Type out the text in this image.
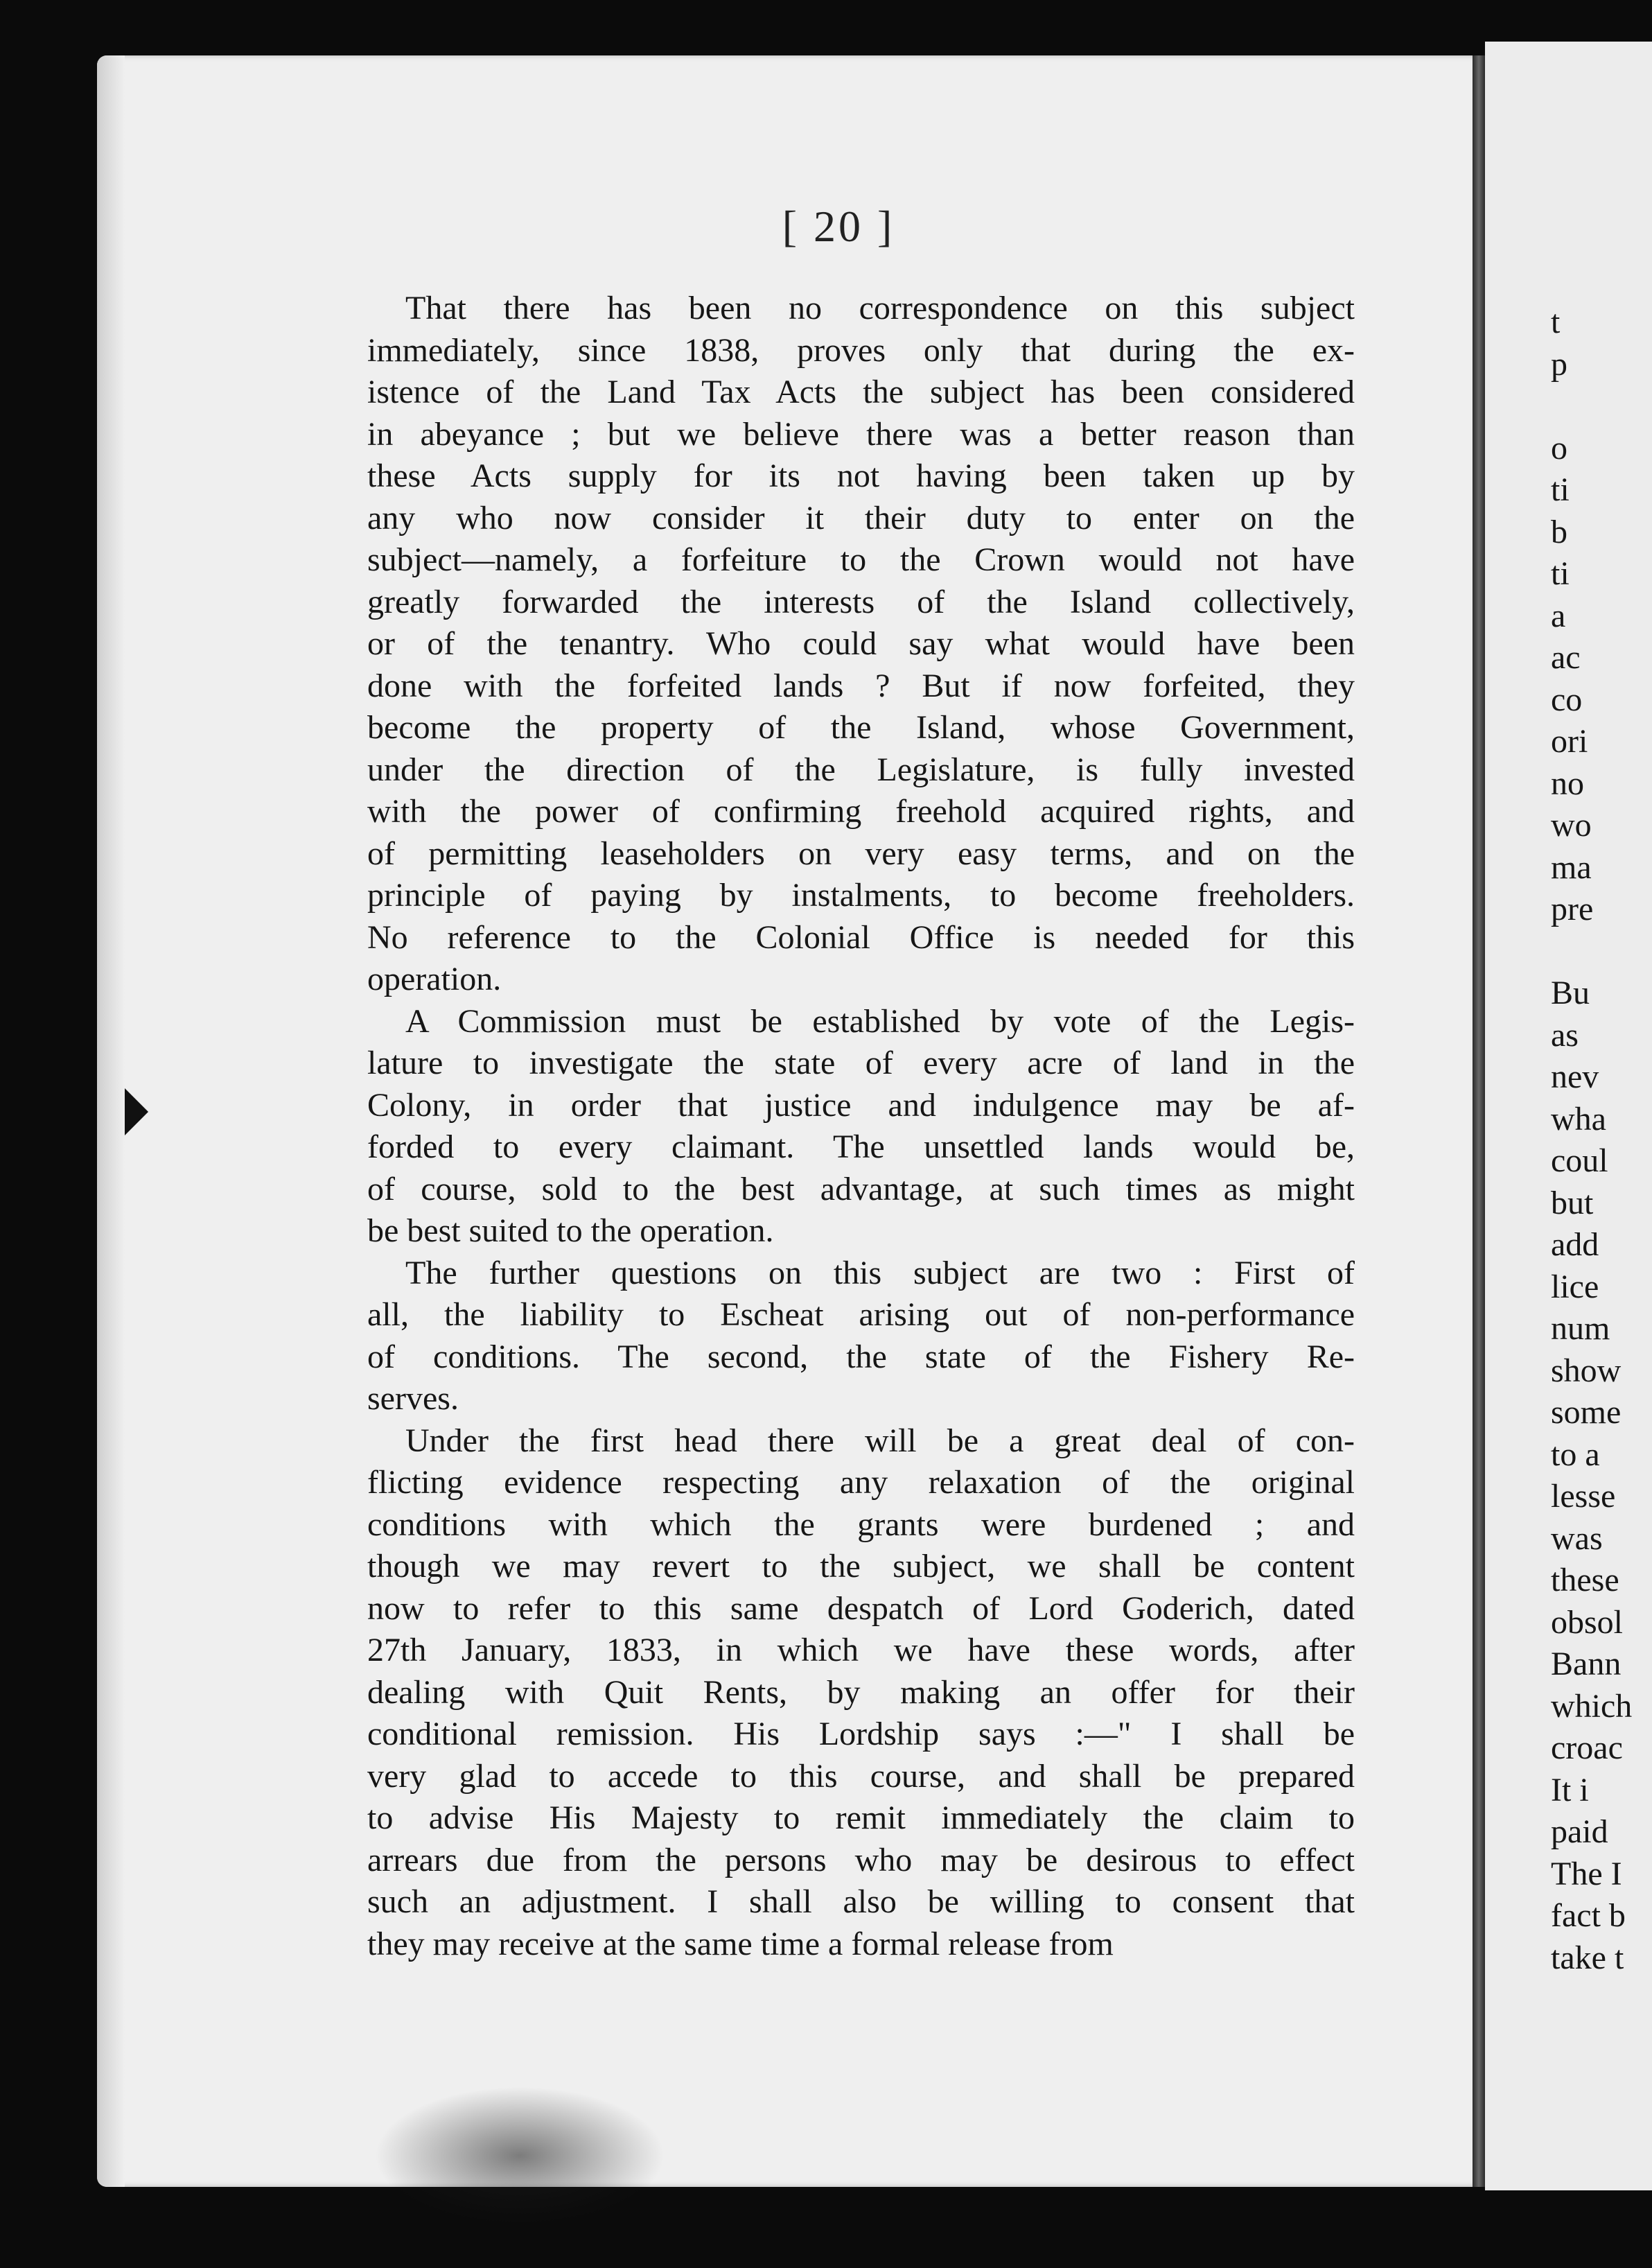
[ 20 ]

That there has been no correspondence on this subject
immediately, since 1838, proves only that during the ex-
istence of the Land Tax Acts the subject has been considered
in abeyance ; but we believe there was a better reason than
these Acts supply for its not having been taken up by
any who now consider it their duty to enter on the
subject—namely, a forfeiture to the Crown would not have
greatly forwarded the interests of the Island collectively,
or of the tenantry. Who could say what would have been
done with the forfeited lands ? But if now forfeited, they
become the property of the Island, whose Government,
under the direction of the Legislature, is fully invested
with the power of confirming freehold acquired rights, and
of permitting leaseholders on very easy terms, and on the
principle of paying by instalments, to become freeholders.
No reference to the Colonial Office is needed for this
operation.

A Commission must be established by vote of the Legis-
lature to investigate the state of every acre of land in the
Colony, in order that justice and indulgence may be af-
forded to every claimant. The unsettled lands would be,
of course, sold to the best advantage, at such times as might
be best suited to the operation.

The further questions on this subject are two : First of
all, the liability to Escheat arising out of non-performance
of conditions. The second, the state of the Fishery Re-
serves.

Under the first head there will be a great deal of con-
flicting evidence respecting any relaxation of the original
conditions with which the grants were burdened ; and
though we may revert to the subject, we shall be content
now to refer to this same despatch of Lord Goderich, dated
27th January, 1833, in which we have these words, after
dealing with Quit Rents, by making an offer for their
conditional remission. His Lordship says :—" I shall be
very glad to accede to this course, and shall be prepared
to advise His Majesty to remit immediately the claim to
arrears due from the persons who may be desirous to effect
such an adjustment. I shall also be willing to consent that
they may receive at the same time a formal release from

t
p

o
ti
b
ti
a
ac
co
ori
no
wo
ma
pre

Bu
as
nev
wha
coul
but
add
lice
num
show
some
to a
lesse
was
these
obsol
Bann
which
croac
It i
paid
The I
fact b
take t
